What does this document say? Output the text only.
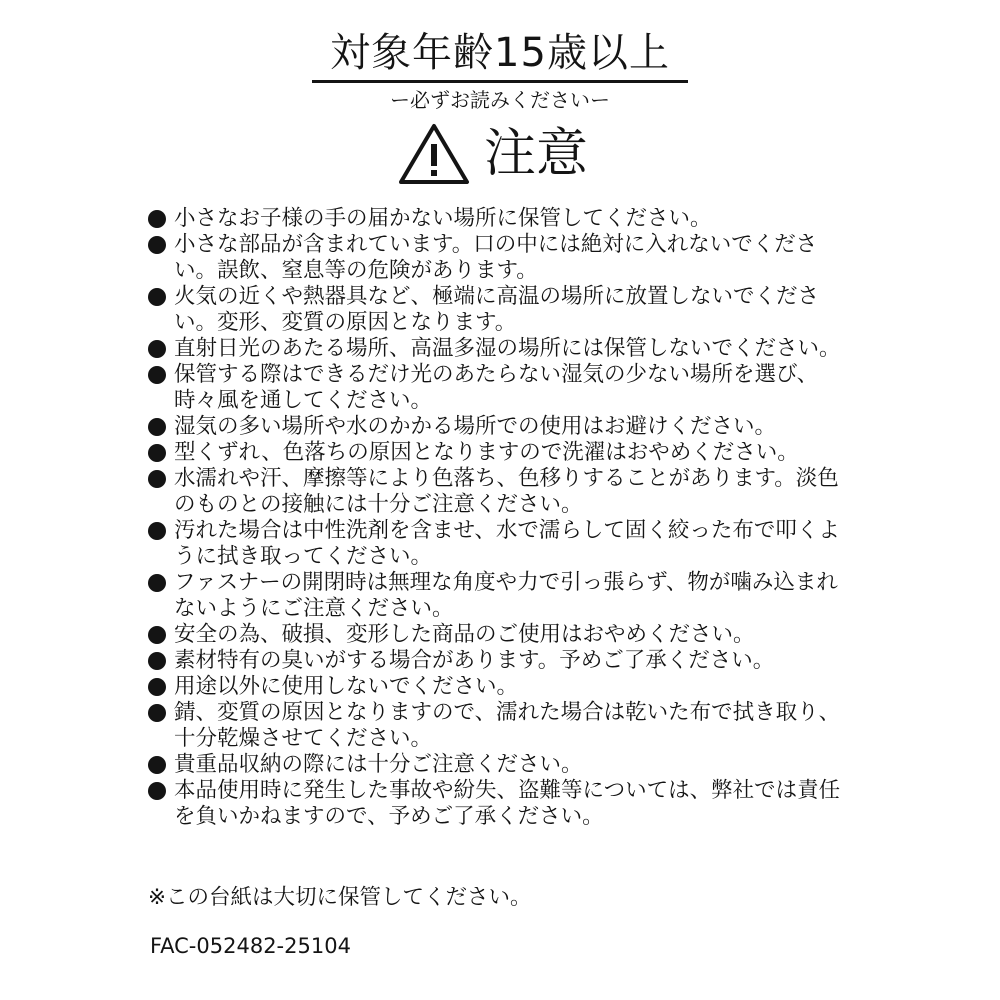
対象年齢15歳以上
ー必ずお読みくださいー
注意
小さなお子様の手の届かない場所に保管してください。
小さな部品が含まれています。口の中には絶対に入れないでください。誤飲、窒息等の危険があります。
火気の近くや熱器具など、極端に高温の場所に放置しないでください。変形、変質の原因となります。
直射日光のあたる場所、高温多湿の場所には保管しないでください。
保管する際はできるだけ光のあたらない湿気の少ない場所を選び、時々風を通してください。
湿気の多い場所や水のかかる場所での使用はお避けください。
型くずれ、色落ちの原因となりますので洗濯はおやめください。
水濡れや汗、摩擦等により色落ち、色移りすることがあります。淡色のものとの接触には十分ご注意ください。
汚れた場合は中性洗剤を含ませ、水で濡らして固く絞った布で叩くように拭き取ってください。
ファスナーの開閉時は無理な角度や力で引っ張らず、物が噛み込まれないようにご注意ください。
安全の為、破損、変形した商品のご使用はおやめください。
素材特有の臭いがする場合があります。予めご了承ください。
用途以外に使用しないでください。
錆、変質の原因となりますので、濡れた場合は乾いた布で拭き取り、十分乾燥させてください。
貴重品収納の際には十分ご注意ください。
本品使用時に発生した事故や紛失、盗難等については、弊社では責任を負いかねますので、予めご了承ください。
※この台紙は大切に保管してください。
FAC-052482-25104
